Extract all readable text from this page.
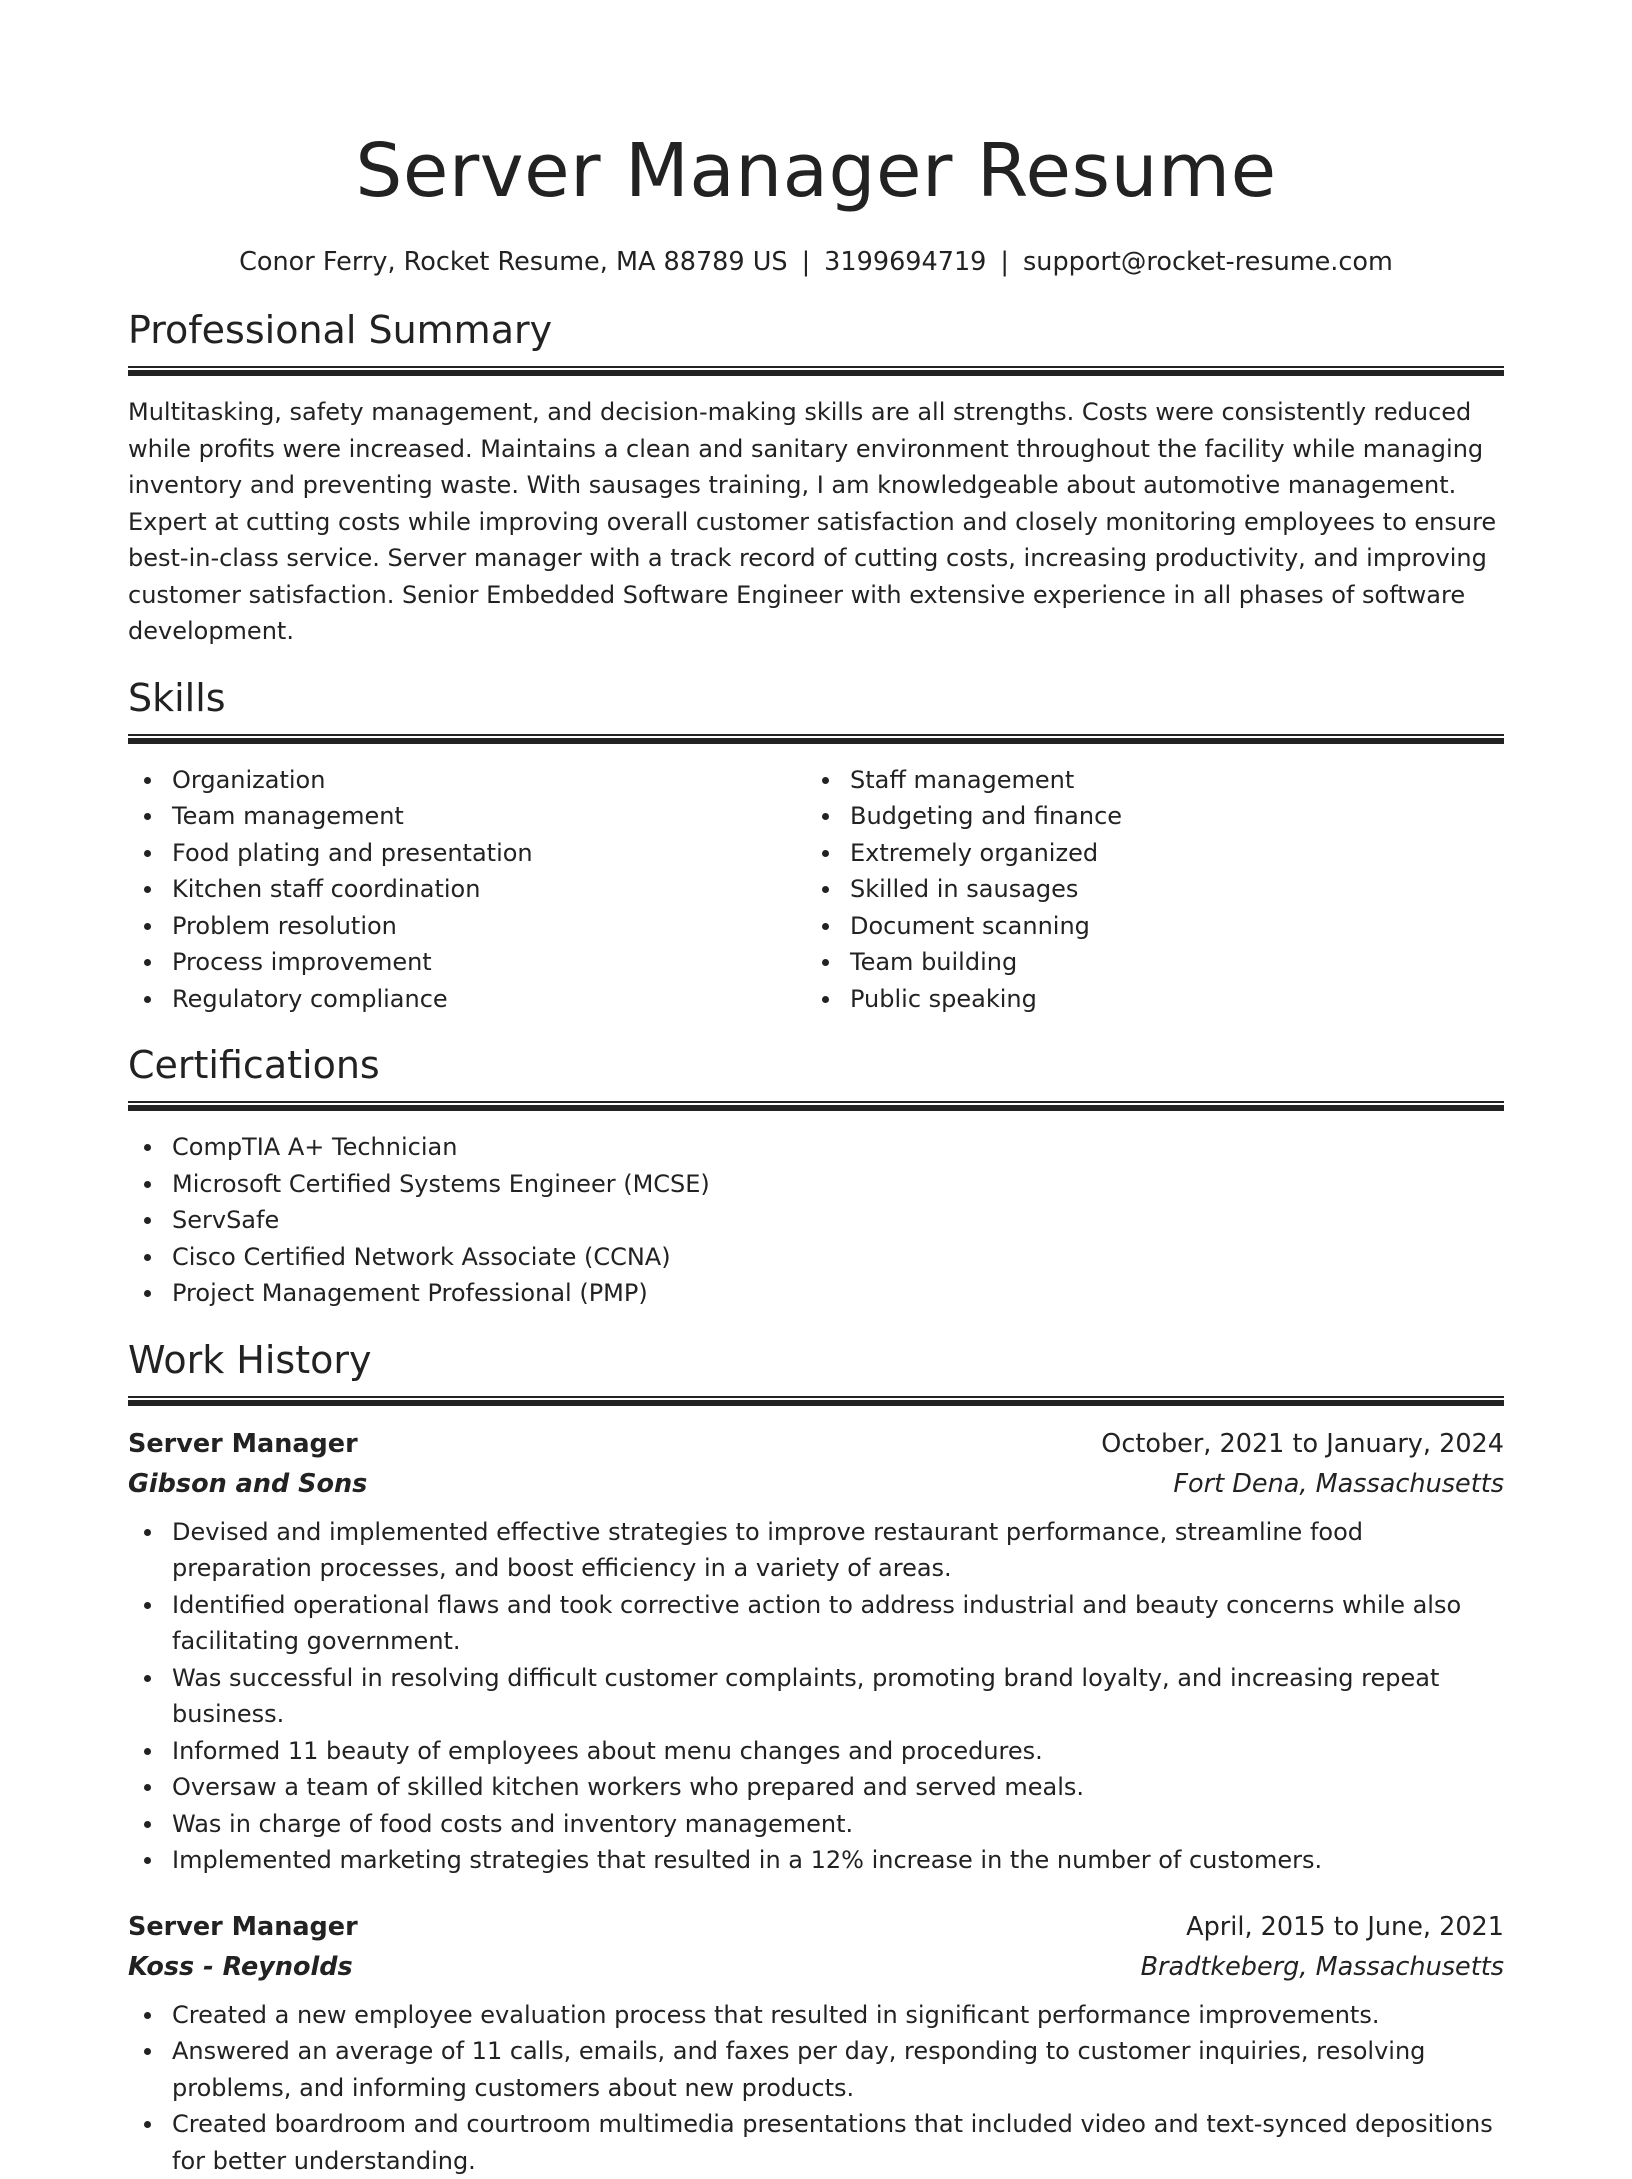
Server Manager Resume
Conor Ferry, Rocket Resume, MA 88789 US | 3199694719 | support@rocket-resume.com
Professional Summary

Multitasking, safety management, and decision-making skills are all strengths. Costs were consistently reduced while profits were increased. Maintains a clean and sanitary environment throughout the facility while managing inventory and preventing waste. With sausages training, I am knowledgeable about automotive management. Expert at cutting costs while improving overall customer satisfaction and closely monitoring employees to ensure best-in-class service. Server manager with a track record of cutting costs, increasing productivity, and improving customer satisfaction. Senior Embedded Software Engineer with extensive experience in all phases of software development.

Skills
Organization
Team management
Food plating and presentation
Kitchen staff coordination
Problem resolution
Process improvement
Regulatory compliance
Staff management
Budgeting and finance
Extremely organized
Skilled in sausages
Document scanning
Team building
Public speaking
Certifications
CompTIA A+ Technician
Microsoft Certified Systems Engineer (MCSE)
ServSafe
Cisco Certified Network Associate (CCNA)
Project Management Professional (PMP)
Work History
Server Manager	October, 2021 to January, 2024
Gibson and Sons	Fort Dena, Massachusetts
Devised and implemented effective strategies to improve restaurant performance, streamline food preparation processes, and boost efficiency in a variety of areas.
Identified operational flaws and took corrective action to address industrial and beauty concerns while also facilitating government.
Was successful in resolving difficult customer complaints, promoting brand loyalty, and increasing repeat business.
Informed 11 beauty of employees about menu changes and procedures.
Oversaw a team of skilled kitchen workers who prepared and served meals.
Was in charge of food costs and inventory management.
Implemented marketing strategies that resulted in a 12% increase in the number of customers.
Server Manager	April, 2015 to June, 2021
Koss - Reynolds	Bradtkeberg, Massachusetts
Created a new employee evaluation process that resulted in significant performance improvements.
Answered an average of 11 calls, emails, and faxes per day, responding to customer inquiries, resolving problems, and informing customers about new products.
Created boardroom and courtroom multimedia presentations that included video and text-synced depositions for better understanding.
